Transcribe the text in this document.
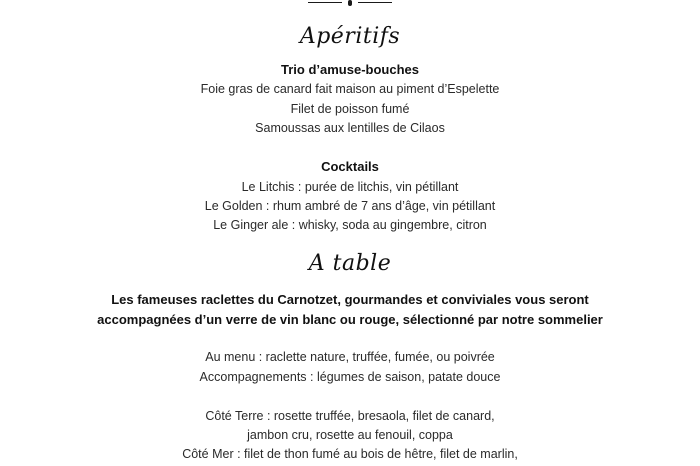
Apéritifs
Trio d’amuse-bouches
Foie gras de canard fait maison au piment d’Espelette
Filet de poisson fumé
Samoussas aux lentilles de Cilaos
Cocktails
Le Litchis : purée de litchis, vin pétillant
Le Golden : rhum ambré de 7 ans d’âge, vin pétillant
Le Ginger ale : whisky, soda au gingembre, citron
A table
Les fameuses raclettes du Carnotzet, gourmandes et conviviales vous seront
accompagnées d’un verre de vin blanc ou rouge, sélectionné par notre sommelier
Au menu : raclette nature, truffée, fumée, ou poivrée
Accompagnements : légumes de saison, patate douce
Côté Terre : rosette truffée, bresaola, filet de canard,
jambon cru, rosette au fenouil, coppa
Côté Mer : filet de thon fumé au bois de hêtre, filet de marlin,
